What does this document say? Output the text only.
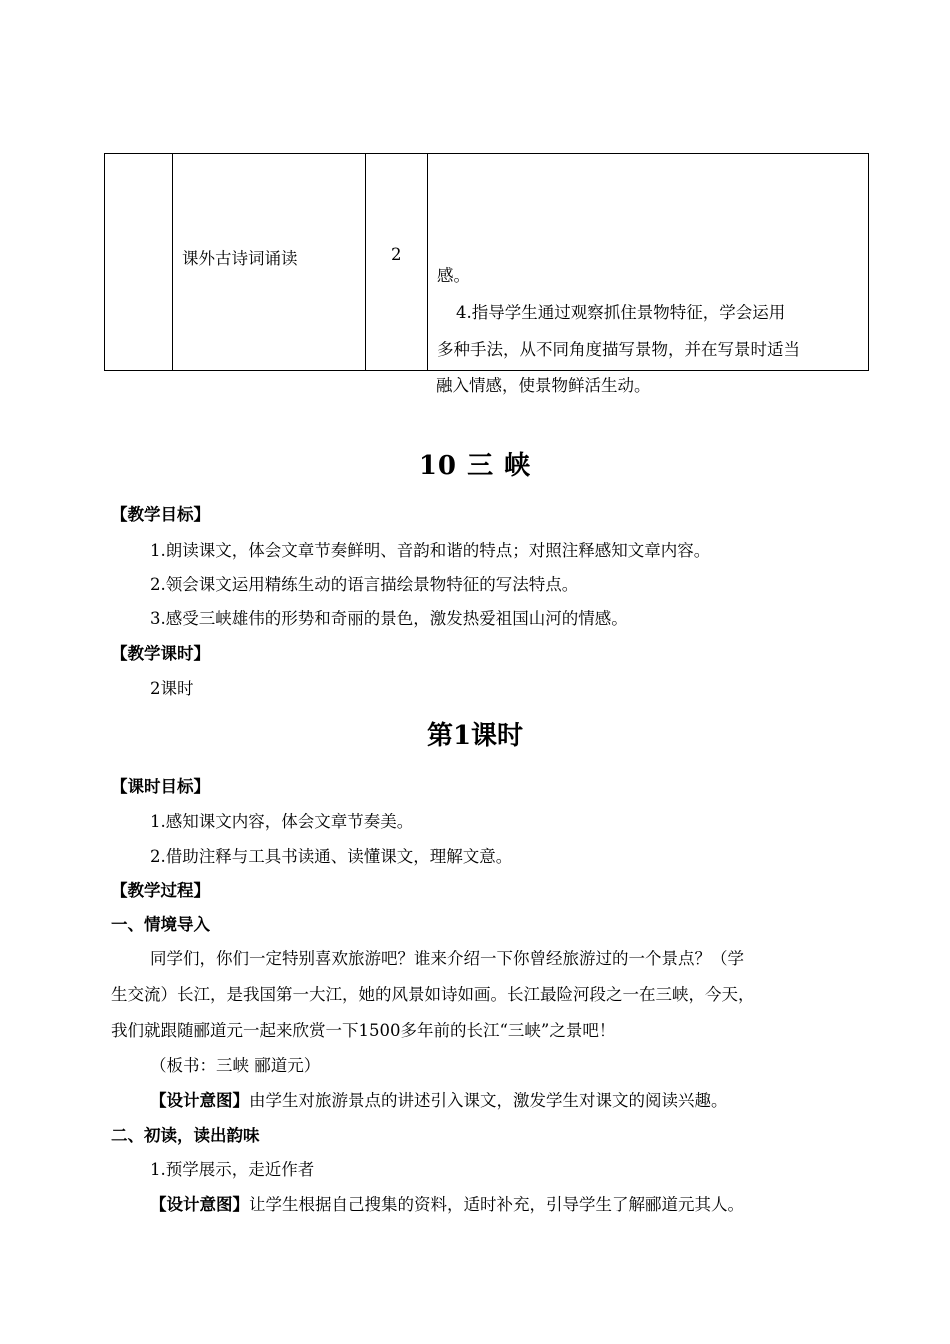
课外古诗词诵读	2
感。
4.指导学生通过观察抓住景物特征，学会运用
多种手法，从不同角度描写景物，并在写景时适当
融入情感，使景物鲜活生动。
10 三 峡
【教学目标】
1.朗读课文，体会文章节奏鲜明、音韵和谐的特点；对照注释感知文章内容。
2.领会课文运用精练生动的语言描绘景物特征的写法特点。
3.感受三峡雄伟的形势和奇丽的景色，激发热爱祖国山河的情感。
【教学课时】
2课时
第1课时
【课时目标】
1.感知课文内容，体会文章节奏美。
2.借助注释与工具书读通、读懂课文，理解文意。
【教学过程】
一、情境导入
同学们，你们一定特别喜欢旅游吧？谁来介绍一下你曾经旅游过的一个景点？（学
生交流）长江，是我国第一大江，她的风景如诗如画。长江最险河段之一在三峡，今天，
我们就跟随郦道元一起来欣赏一下1500多年前的长江“三峡”之景吧！
（板书：三峡 郦道元）
【设计意图】由学生对旅游景点的讲述引入课文，激发学生对课文的阅读兴趣。
二、初读，读出韵味
1.预学展示，走近作者
【设计意图】让学生根据自己搜集的资料，适时补充，引导学生了解郦道元其人。
